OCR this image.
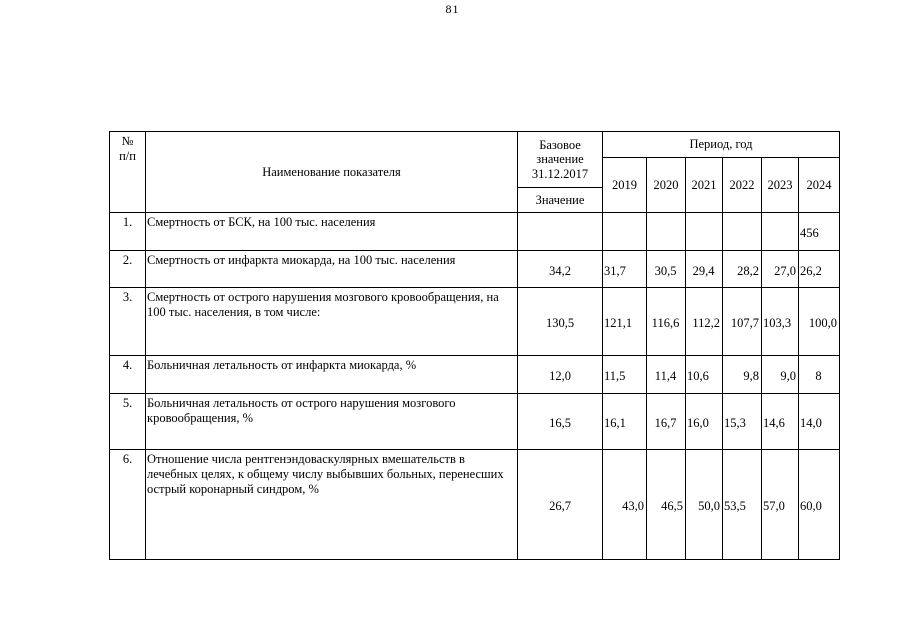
81
№
п/п	Наименование показателя	Базовое
значение
31.12.2017	Период, год					
			2019	2020	2021	2022	2023	2024
		Значение						
1.	Смертность от БСК, на 100 тыс. населения							456
2.	Смертность от инфаркта миокарда, на 100 тыс. населения	34,2	31,7	30,5	29,4	28,2	27,0	26,2
3.	Смертность от острого нарушения мозгового кровообращения, на 100 тыс. населения, в том числе:	130,5	121,1	116,6	112,2	107,7	103,3	100,0
4.	Больничная летальность от инфаркта миокарда, %	12,0	11,5	11,4	10,6	9,8	9,0	8
5.	Больничная летальность от острого нарушения мозгового кровообращения, %	16,5	16,1	16,7	16,0	15,3	14,6	14,0
6.	Отношение числа рентгенэндоваскулярных вмешательств в лечебных целях, к общему числу выбывших больных, перенесших острый коронарный синдром, %	26,7	43,0	46,5	50,0	53,5	57,0	60,0
